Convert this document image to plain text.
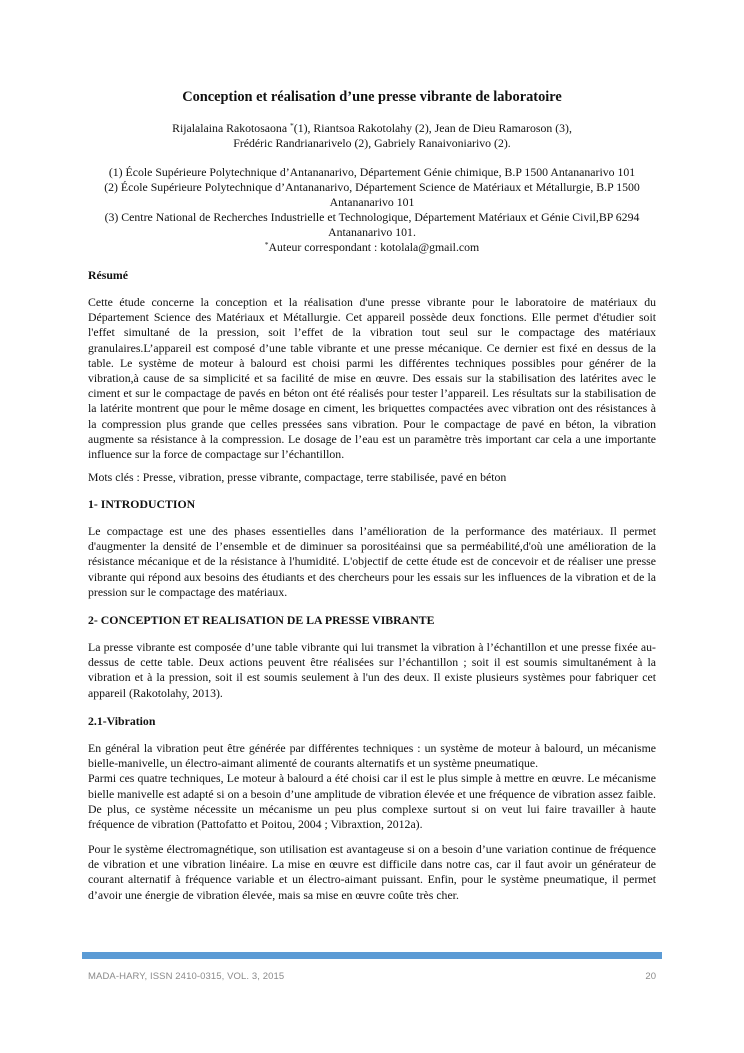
Conception et réalisation d’une presse vibrante de laboratoire

Rijalalaina Rakotosaona *(1), Riantsoa Rakotolahy (2), Jean de Dieu Ramaroson (3),

Frédéric Randrianarivelo (2), Gabriely Ranaivoniarivo (2).

(1) École Supérieure Polytechnique d’Antananarivo, Département Génie chimique, B.P 1500 Antananarivo 101

(2) École Supérieure Polytechnique d’Antananarivo, Département Science de Matériaux et Métallurgie, B.P 1500 Antananarivo 101

(3) Centre National de Recherches Industrielle et Technologique, Département Matériaux et Génie Civil,BP 6294 Antananarivo 101.

*Auteur correspondant : kotolala@gmail.com

Résumé

Cette étude concerne la conception et la réalisation d'une presse vibrante pour le laboratoire de matériaux du Département Science des Matériaux et Métallurgie. Cet appareil possède deux fonctions. Elle permet d'étudier soit l'effet simultané de la pression, soit l’effet de la vibration tout seul sur le compactage des matériaux granulaires.L’appareil est composé d’une table vibrante et une presse mécanique. Ce dernier est fixé en dessus de la table. Le système de moteur à balourd est choisi parmi les différentes techniques possibles pour générer de la vibration,à cause de sa simplicité et sa facilité de mise en œuvre. Des essais sur la stabilisation des latérites avec le ciment et sur le compactage de pavés en béton ont été réalisés pour tester l’appareil. Les résultats sur la stabilisation de la latérite montrent que pour le même dosage en ciment, les briquettes compactées avec vibration ont des résistances à la compression plus grande que celles pressées sans vibration. Pour le compactage de pavé en béton, la vibration augmente sa résistance à la compression. Le dosage de l’eau est un paramètre très important car cela a une importante influence sur la force de compactage sur l’échantillon.

Mots clés : Presse, vibration, presse vibrante, compactage, terre stabilisée, pavé en béton

1- INTRODUCTION

Le compactage est une des phases essentielles dans l’amélioration de la performance des matériaux. Il permet d'augmenter la densité de l’ensemble et de diminuer sa porositéainsi que sa perméabilité,d'où une amélioration de la résistance mécanique et de la résistance à l'humidité. L'objectif de cette étude est de concevoir et de réaliser une presse vibrante qui répond aux besoins des étudiants et des chercheurs pour les essais sur les influences de la vibration et de la pression sur le compactage des matériaux.

2- CONCEPTION ET REALISATION DE LA PRESSE VIBRANTE

La presse vibrante est composée d’une table vibrante qui lui transmet la vibration à l’échantillon et une presse fixée au-dessus de cette table. Deux actions peuvent être réalisées sur l’échantillon ; soit il est soumis simultanément à la vibration et à la pression, soit il est soumis seulement à l'un des deux. Il existe plusieurs systèmes pour fabriquer cet appareil (Rakotolahy, 2013).

2.1-Vibration

En général la vibration peut être générée par différentes techniques : un système de moteur à balourd, un mécanisme bielle-manivelle, un électro-aimant alimenté de courants alternatifs et un système pneumatique.

Parmi ces quatre techniques, Le moteur à balourd a été choisi car il est le plus simple à mettre en œuvre. Le mécanisme bielle manivelle est adapté si on a besoin d’une amplitude de vibration élevée et une fréquence de vibration assez faible. De plus, ce système nécessite un mécanisme un peu plus complexe surtout si on veut lui faire travailler à haute fréquence de vibration (Pattofatto et Poitou, 2004 ; Vibraxtion, 2012a).

Pour le système électromagnétique, son utilisation est avantageuse si on a besoin d’une variation continue de fréquence de vibration et une vibration linéaire. La mise en œuvre est difficile dans notre cas, car il faut avoir un générateur de courant alternatif à fréquence variable et un électro-aimant puissant. Enfin, pour le système pneumatique, il permet d’avoir une énergie de vibration élevée, mais sa mise en œuvre coûte très cher.

MADA-HARY, ISSN 2410-0315, VOL. 3, 2015	20
